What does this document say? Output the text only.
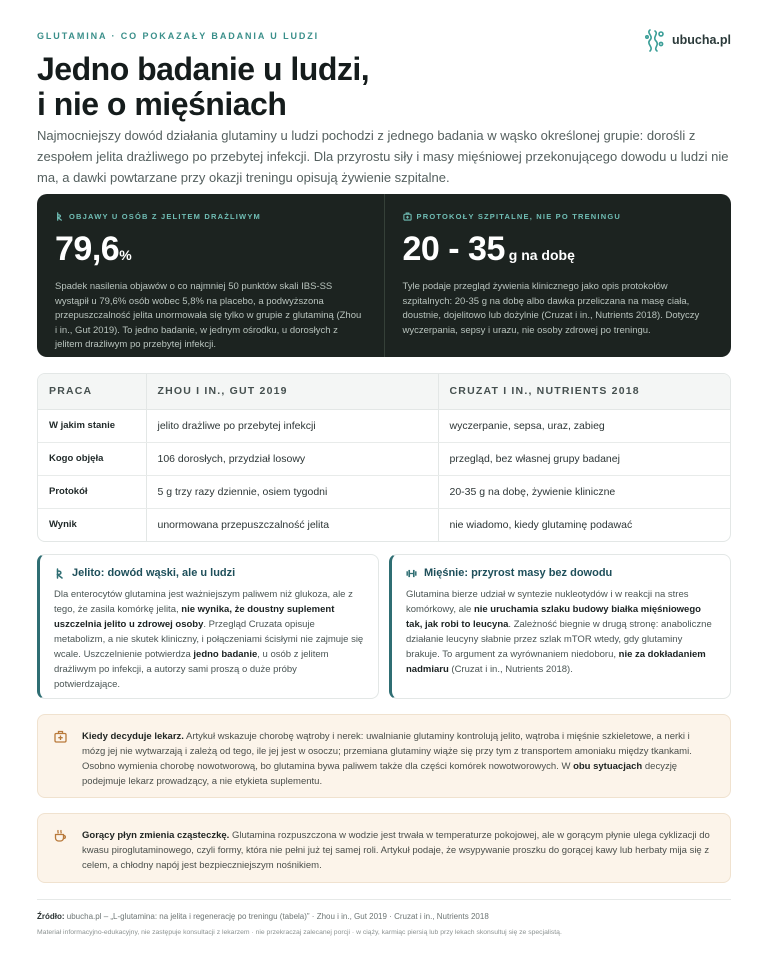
GLUTAMINA · CO POKAZAŁY BADANIA U LUDZI	ubucha.pl
Jedno badanie u ludzi,
i nie o mięśniach

Najmocniejszy dowód działania glutaminy u ludzi pochodzi z jednego badania w wąsko określonej grupie: dorośli z zespołem jelita drażliwego po przebytej infekcji. Dla przyrostu siły i masy mięśniowej przekonującego dowodu u ludzi nie ma, a dawki powtarzane przy okazji treningu opisują żywienie szpitalne.

OBJAWY U OSÓB Z JELITEM DRAŻLIWYM
79,6%

Spadek nasilenia objawów o co najmniej 50 punktów skali IBS-SS wystąpił u 79,6% osób wobec 5,8% na placebo, a podwyższona przepuszczalność jelita unormowała się tylko w grupie z glutaminą (Zhou i in., Gut 2019). To jedno badanie, w jednym ośrodku, u dorosłych z jelitem drażliwym po przebytej infekcji.

PROTOKOŁY SZPITALNE, NIE PO TRENINGU
20 - 35 g na dobę

Tyle podaje przegląd żywienia klinicznego jako opis protokołów szpitalnych: 20-35 g na dobę albo dawka przeliczana na masę ciała, doustnie, dojelitowo lub dożylnie (Cruzat i in., Nutrients 2018). Dotyczy wyczerpania, sepsy i urazu, nie osoby zdrowej po treningu.

PRACA	ZHOU I IN., GUT 2019	CRUZAT I IN., NUTRIENTS 2018
W jakim stanie	jelito drażliwe po przebytej infekcji	wyczerpanie, sepsa, uraz, zabieg
Kogo objęła	106 dorosłych, przydział losowy	przegląd, bez własnej grupy badanej
Protokół	5 g trzy razy dziennie, osiem tygodni	20-35 g na dobę, żywienie kliniczne
Wynik	unormowana przepuszczalność jelita	nie wiadomo, kiedy glutaminę podawać
Jelito: dowód wąski, ale u ludzi

Dla enterocytów glutamina jest ważniejszym paliwem niż glukoza, ale z tego, że zasila komórkę jelita, nie wynika, że doustny suplement uszczelnia jelito u zdrowej osoby. Przegląd Cruzata opisuje metabolizm, a nie skutek kliniczny, i połączeniami ścisłymi nie zajmuje się wcale. Uszczelnienie potwierdza jedno badanie, u osób z jelitem drażliwym po infekcji, a autorzy sami proszą o duże próby potwierdzające.

Mięśnie: przyrost masy bez dowodu

Glutamina bierze udział w syntezie nukleotydów i w reakcji na stres komórkowy, ale nie uruchamia szlaku budowy białka mięśniowego tak, jak robi to leucyna. Zależność biegnie w drugą stronę: anaboliczne działanie leucyny słabnie przez szlak mTOR wtedy, gdy glutaminy brakuje. To argument za wyrównaniem niedoboru, nie za dokładaniem nadmiaru (Cruzat i in., Nutrients 2018).

Kiedy decyduje lekarz. Artykuł wskazuje chorobę wątroby i nerek: uwalnianie glutaminy kontrolują jelito, wątroba i mięśnie szkieletowe, a nerki i mózg jej nie wytwarzają i zależą od tego, ile jej jest w osoczu; przemiana glutaminy wiąże się przy tym z transportem amoniaku między tkankami. Osobno wymienia chorobę nowotworową, bo glutamina bywa paliwem także dla części komórek nowotworowych. W obu sytuacjach decyzję podejmuje lekarz prowadzący, a nie etykieta suplementu.

Gorący płyn zmienia cząsteczkę. Glutamina rozpuszczona w wodzie jest trwała w temperaturze pokojowej, ale w gorącym płynie ulega cyklizacji do kwasu piroglutaminowego, czyli formy, która nie pełni już tej samej roli. Artykuł podaje, że wsypywanie proszku do gorącej kawy lub herbaty mija się z celem, a chłodny napój jest bezpieczniejszym nośnikiem.

Źródło: ubucha.pl – „L-glutamina: na jelita i regenerację po treningu (tabela)” · Zhou i in., Gut 2019 · Cruzat i in., Nutrients 2018

Materiał informacyjno-edukacyjny, nie zastępuje konsultacji z lekarzem · nie przekraczaj zalecanej porcji · w ciąży, karmiąc piersią lub przy lekach skonsultuj się ze specjalistą.
